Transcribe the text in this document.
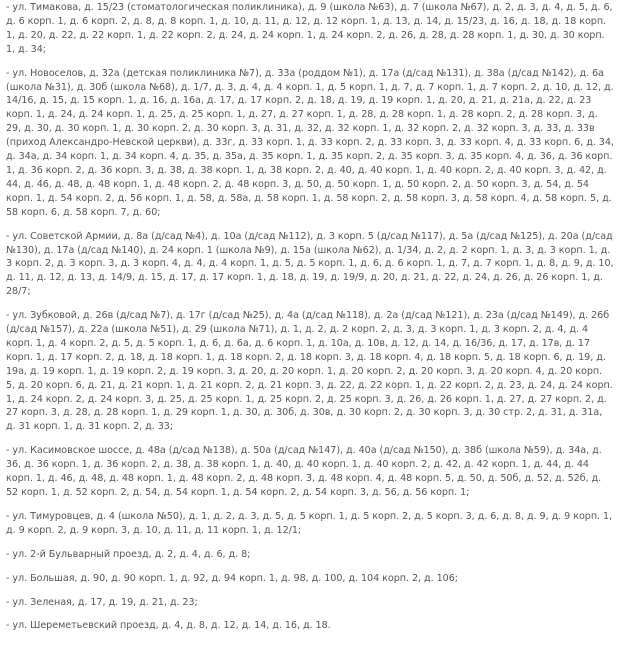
- ул. Тимакова, д. 15/23 (стоматологическая поликлиника), д. 9 (школа №63), д. 7 (школа №67), д. 2, д. 3, д. 4, д. 5, д. 6, д. 6 корп. 1, д. 6 корп. 2, д. 8, д. 8 корп. 1, д. 10, д. 11, д. 12, д. 12 корп. 1, д. 13, д. 14, д. 15/23, д. 16, д. 18, д. 18 корп. 1, д. 20, д. 22, д. 22 корп. 1, д. 22 корп. 2, д. 24, д. 24 корп. 1, д. 24 корп. 2, д. 26, д. 28, д. 28 корп. 1, д. 30, д. 30 корп. 1, д. 34;

- ул. Новоселов, д. 32а (детская поликлиника №7), д. 33а (роддом №1), д. 17а (д/сад №131), д. 38а (д/сад №142), д. 6а (школа №31), д. 30б (школа №68), д. 1/7, д. 3, д. 4, д. 4 корп. 1, д. 5 корп. 1, д. 7, д. 7 корп. 1, д. 7 корп. 2, д. 10, д. 12, д. 14/16, д. 15, д. 15 корп. 1, д. 16, д. 16а, д. 17, д. 17 корп. 2, д. 18, д. 19, д. 19 корп. 1, д. 20, д. 21, д. 21а, д. 22, д. 23 корп. 1, д. 24, д. 24 корп. 1, д. 25, д. 25 корп. 1, д. 27, д. 27 корп. 1, д. 28, д. 28 корп. 1, д. 28 корп. 2, д. 28 корп. 3, д. 29, д. 30, д. 30 корп. 1, д. 30 корп. 2, д. 30 корп. 3, д. 31, д. 32, д. 32 корп. 1, д. 32 корп. 2, д. 32 корп. 3, д. 33, д. 33в (приход Александро-Невской церкви), д. 33г, д. 33 корп. 1, д. 33 корп. 2, д. 33 корп. 3, д. 33 корп. 4, д. 33 корп. 6, д. 34, д. 34а, д. 34 корп. 1, д. 34 корп. 4, д. 35, д. 35а, д. 35 корп. 1, д. 35 корп. 2, д. 35 корп. 3, д. 35 корп. 4, д. 36, д. 36 корп. 1, д. 36 корп. 2, д. 36 корп. 3, д. 38, д. 38 корп. 1, д. 38 корп. 2, д. 40, д. 40 корп. 1, д. 40 корп. 2, д. 40 корп. 3, д. 42, д. 44, д. 46, д. 48, д. 48 корп. 1, д. 48 корп. 2, д. 48 корп. 3, д. 50, д. 50 корп. 1, д. 50 корп. 2, д. 50 корп. 3, д. 54, д. 54 корп. 1, д. 54 корп. 2, д. 56 корп. 1, д. 58, д. 58а, д. 58 корп. 1, д. 58 корп. 2, д. 58 корп. 3, д. 58 корп. 4, д. 58 корп. 5, д. 58 корп. 6, д. 58 корп. 7, д. 60;

- ул. Советской Армии, д. 8а (д/сад №4), д. 10а (д/сад №112), д. 3 корп. 5 (д/сад №117), д. 5а (д/сад №125), д. 20а (д/сад №130), д. 17а (д/сад №140), д. 24 корп. 1 (школа №9), д. 15а (школа №62), д. 1/34, д. 2, д. 2 корп. 1, д. 3, д. 3 корп. 1, д. 3 корп. 2, д. 3 корп. 3, д. 3 корп. 4, д. 4, д. 4 корп. 1, д. 5, д. 5 корп. 1, д. 6, д. 6 корп. 1, д. 7, д. 7 корп. 1, д. 8, д. 9, д. 10, д. 11, д. 12, д. 13, д. 14/9, д. 15, д. 17, д. 17 корп. 1, д. 18, д. 19, д. 19/9, д. 20, д. 21, д. 22, д. 24, д. 26, д. 26 корп. 1, д. 28/7;

- ул. Зубковой, д. 26в (д/сад №7), д. 17г (д/сад №25), д. 4а (д/сад №118), д. 2а (д/сад №121), д. 23а (д/сад №149), д. 26б (д/сад №157), д. 22а (школа №51), д. 29 (школа №71), д. 1, д. 2, д. 2 корп. 2, д. 3, д. 3 корп. 1, д. 3 корп. 2, д. 4, д. 4 корп. 1, д. 4 корп. 2, д. 5, д. 5 корп. 1, д. 6, д. 6а, д. 6 корп. 1, д. 10а, д. 10в, д. 12, д. 14, д. 16/36, д. 17, д. 17в, д. 17 корп. 1, д. 17 корп. 2, д. 18, д. 18 корп. 1, д. 18 корп. 2, д. 18 корп. 3, д. 18 корп. 4, д. 18 корп. 5, д. 18 корп. 6, д. 19, д. 19а, д. 19 корп. 1, д. 19 корп. 2, д. 19 корп. 3, д. 20, д. 20 корп. 1, д. 20 корп. 2, д. 20 корп. 3, д. 20 корп. 4, д. 20 корп. 5, д. 20 корп. 6, д. 21, д. 21 корп. 1, д. 21 корп. 2, д. 21 корп. 3, д. 22, д. 22 корп. 1, д. 22 корп. 2, д. 23, д. 24, д. 24 корп. 1, д. 24 корп. 2, д. 24 корп. 3, д. 25, д. 25 корп. 1, д. 25 корп. 2, д. 25 корп. 3, д. 26, д. 26 корп. 1, д. 27, д. 27 корп. 2, д. 27 корп. 3, д. 28, д. 28 корп. 1, д. 29 корп. 1, д. 30, д. 30б, д. 30в, д. 30 корп. 2, д. 30 корп. 3, д. 30 стр. 2, д. 31, д. 31а, д. 31 корп. 1, д. 31 корп. 2, д. 33;

- ул. Касимовское шоссе, д. 48а (д/сад №138), д. 50а (д/сад №147), д. 40а (д/сад №150), д. 38б (школа №59), д. 34а, д. 36, д. 36 корп. 1, д. 36 корп. 2, д. 38, д. 38 корп. 1, д. 40, д. 40 корп. 1, д. 40 корп. 2, д. 42, д. 42 корп. 1, д. 44, д. 44 корп. 1, д. 46, д. 48, д. 48 корп. 1, д. 48 корп. 2, д. 48 корп. 3, д. 48 корп. 4, д. 48 корп. 5, д. 50, д. 50б, д. 52, д. 52б, д. 52 корп. 1, д. 52 корп. 2, д. 54, д. 54 корп. 1, д. 54 корп. 2, д. 54 корп. 3, д. 56, д. 56 корп. 1;

- ул. Тимуровцев, д. 4 (школа №50), д. 1, д. 2, д. 3, д. 5, д. 5 корп. 1, д. 5 корп. 2, д. 5 корп. 3, д. 6, д. 8, д. 9, д. 9 корп. 1, д. 9 корп. 2, д. 9 корп. 3, д. 10, д. 11, д. 11 корп. 1, д. 12/1;

- ул. 2-й Бульварный проезд, д. 2, д. 4, д. 6, д. 8;

- ул. Большая, д. 90, д. 90 корп. 1, д. 92, д. 94 корп. 1, д. 98, д. 100, д. 104 корп. 2, д. 106;

- ул. Зеленая, д. 17, д. 19, д. 21, д. 23;

- ул. Шереметьевский проезд, д. 4, д. 8, д. 12, д. 14, д. 16, д. 18.
